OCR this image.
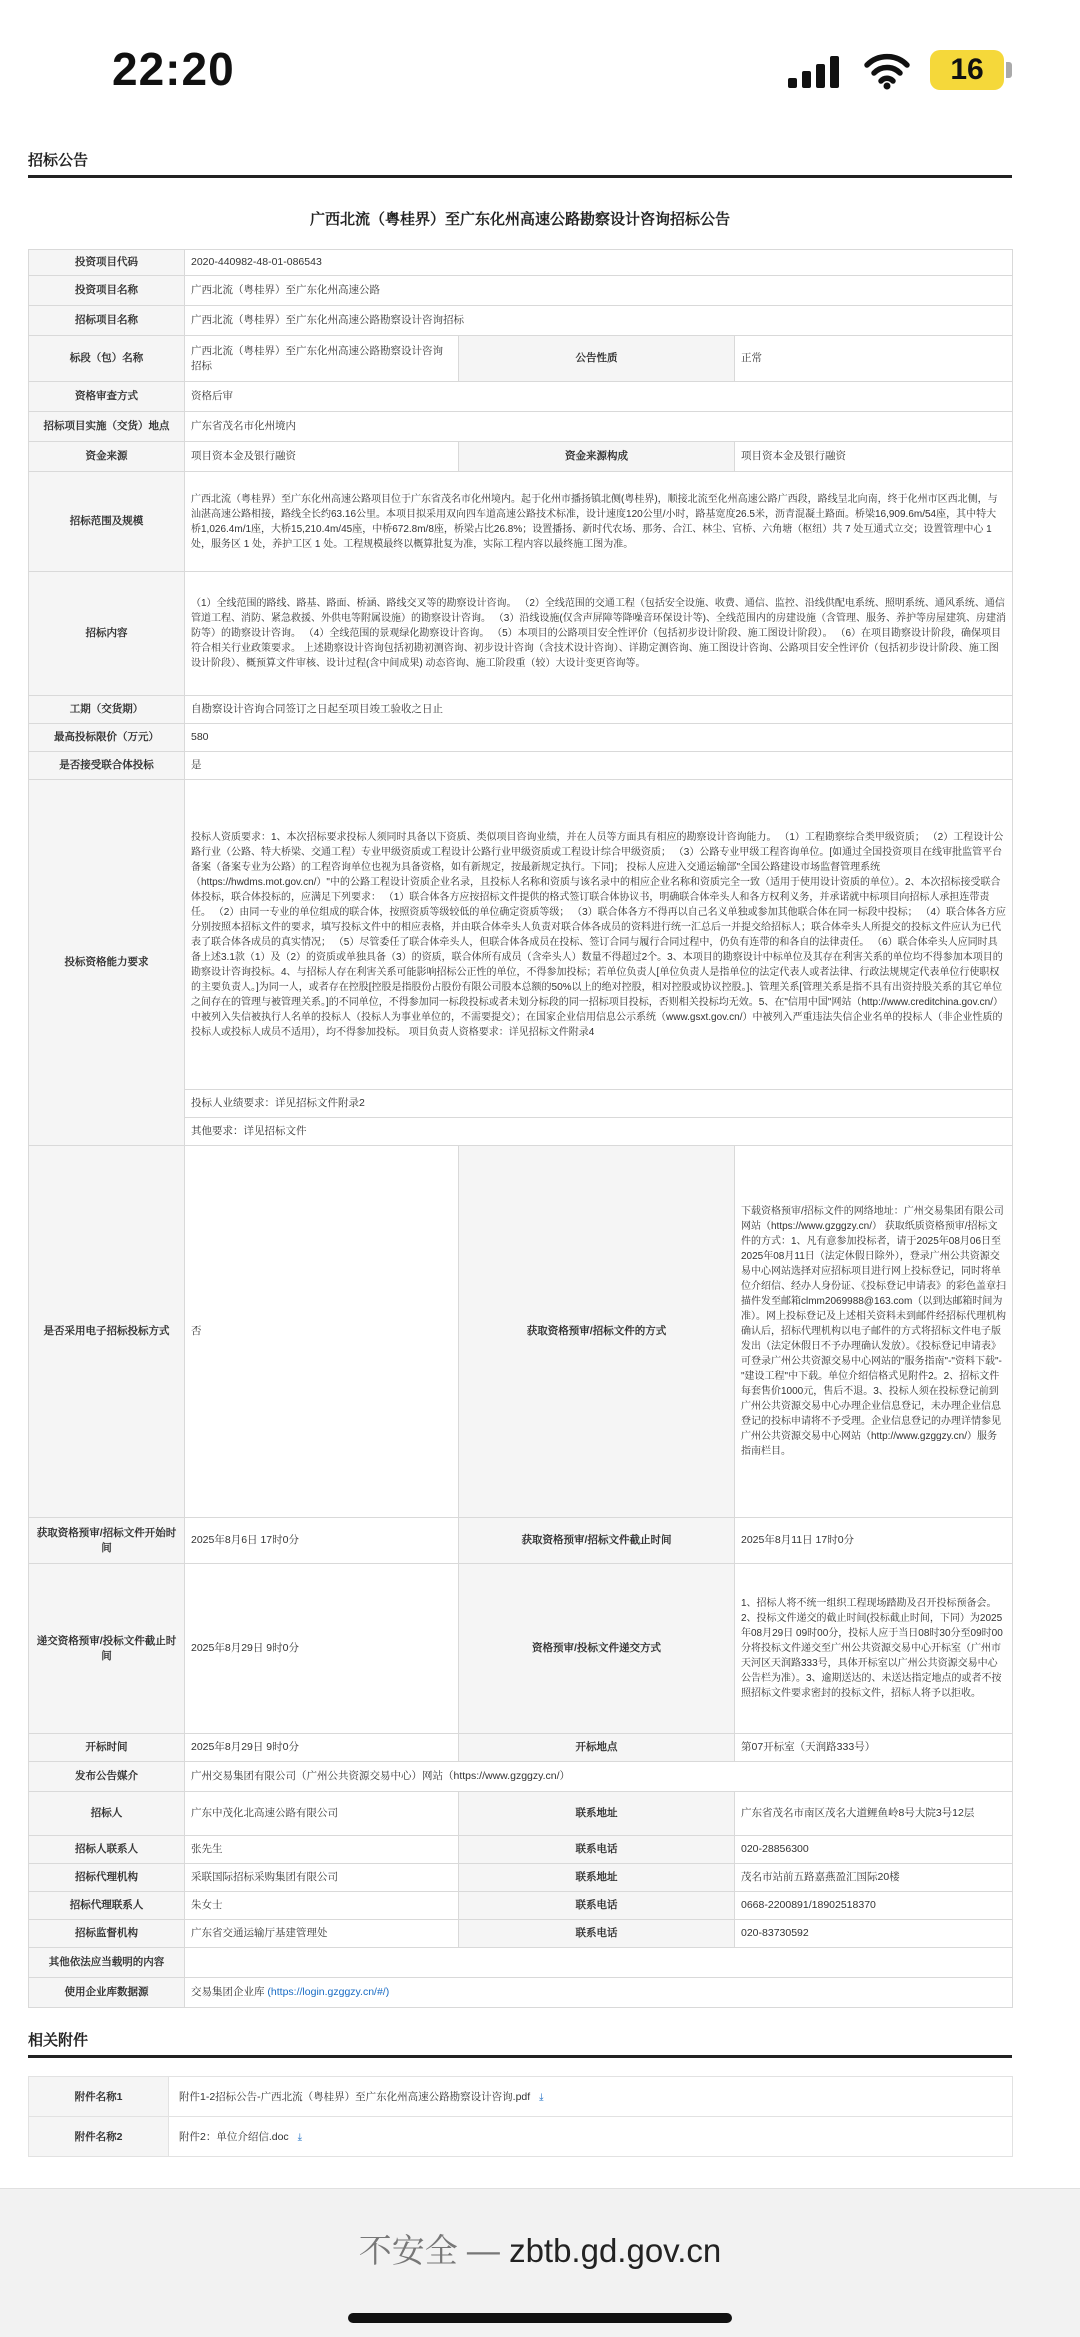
22:20	16
招标公告
广西北流（粤桂界）至广东化州高速公路勘察设计咨询招标公告
投资项目代码	2020-440982-48-01-086543		
投资项目名称	广西北流（粤桂界）至广东化州高速公路		
招标项目名称	广西北流（粤桂界）至广东化州高速公路勘察设计咨询招标		
标段（包）名称	广西北流（粤桂界）至广东化州高速公路勘察设计咨询招标	公告性质	正常
资格审查方式	资格后审		
招标项目实施（交货）地点	广东省茂名市化州境内		
资金来源	项目资本金及银行融资	资金来源构成	项目资本金及银行融资
招标范围及规模	广西北流（粤桂界）至广东化州高速公路项目位于广东省茂名市化州境内。起于化州市播扬镇北侧(粤桂界)，顺接北流至化州高速公路广西段，路线呈北向南，终于化州市区西北侧，与汕湛高速公路相接，路线全长约63.16公里。本项目拟采用双向四车道高速公路技术标准，设计速度120公里/小时，路基宽度26.5米，沥青混凝土路面。桥梁16,909.6m/54座，其中特大桥1,026.4m/1座，大桥15,210.4m/45座，中桥672.8m/8座，桥梁占比26.8%；设置播扬、新时代农场、那务、合江、林尘、官桥、六角塘（枢纽）共 7 处互通式立交；设置管理中心 1 处，服务区 1 处，养护工区 1 处。工程规模最终以概算批复为准，实际工程内容以最终施工图为准。		
招标内容	（1）全线范围的路线、路基、路面、桥涵、路线交叉等的勘察设计咨询。 （2）全线范围的交通工程（包括安全设施、收费、通信、监控、沿线供配电系统、照明系统、通风系统、通信管道工程、消防、紧急救援、外供电等附属设施）的勘察设计咨询。 （3）沿线设施(仅含声屏障等降噪音环保设计等)、全线范围内的房建设施（含管理、服务、养护等房屋建筑、房建消防等）的勘察设计咨询。 （4）全线范围的景观绿化勘察设计咨询。 （5）本项目的公路项目安全性评价（包括初步设计阶段、施工图设计阶段）。 （6）在项目勘察设计阶段，确保项目符合相关行业政策要求。 上述勘察设计咨询包括初勘初测咨询、初步设计咨询（含技术设计咨询）、详勘定测咨询、施工图设计咨询、公路项目安全性评价（包括初步设计阶段、施工图设计阶段）、概预算文件审核、设计过程(含中间成果) 动态咨询、施工阶段重（较）大设计变更咨询等。		
工期（交货期）	自勘察设计咨询合同签订之日起至项目竣工验收之日止		
最高投标限价（万元）	580		
是否接受联合体投标	是		
投标资格能力要求	投标人资质要求：1、本次招标要求投标人须同时具备以下资质、类似项目咨询业绩，并在人员等方面具有相应的勘察设计咨询能力。 （1）工程勘察综合类甲级资质； （2）工程设计公路行业（公路、特大桥梁、交通工程）专业甲级资质或工程设计公路行业甲级资质或工程设计综合甲级资质； （3）公路专业甲级工程咨询单位。[如通过全国投资项目在线审批监管平台备案（备案专业为公路）的工程咨询单位也视为具备资格，如有新规定，按最新规定执行。下同]； 投标人应进入交通运输部"全国公路建设市场监督管理系统（https://hwdms.mot.gov.cn/）"中的公路工程设计资质企业名录，且投标人名称和资质与该名录中的相应企业名称和资质完全一致（适用于使用设计资质的单位）。2、本次招标接受联合体投标，联合体投标的，应满足下列要求： （1）联合体各方应按招标文件提供的格式签订联合体协议书，明确联合体牵头人和各方权利义务，并承诺就中标项目向招标人承担连带责任。 （2）由同一专业的单位组成的联合体，按照资质等级较低的单位确定资质等级； （3）联合体各方不得再以自己名义单独或参加其他联合体在同一标段中投标； （4）联合体各方应分别按照本招标文件的要求，填写投标文件中的相应表格，并由联合体牵头人负责对联合体各成员的资料进行统一汇总后一并提交给招标人；联合体牵头人所提交的投标文件应认为已代表了联合体各成员的真实情况； （5）尽管委任了联合体牵头人，但联合体各成员在投标、签订合同与履行合同过程中，仍负有连带的和各自的法律责任。 （6）联合体牵头人应同时具备上述3.1款（1）及（2）的资质或单独具备（3）的资质，联合体所有成员（含牵头人）数量不得超过2个。3、本项目的勘察设计中标单位及其存在利害关系的单位均不得参加本项目的勘察设计咨询投标。4、与招标人存在利害关系可能影响招标公正性的单位，不得参加投标；若单位负责人[单位负责人是指单位的法定代表人或者法律、行政法规规定代表单位行使职权的主要负责人。]为同一人，或者存在控股[控股是指股份占股份有限公司股本总额的50%以上的绝对控股，相对控股或协议控股。]、管理关系[管理关系是指不具有出资持股关系的其它单位之间存在的管理与被管理关系。]的不同单位，不得参加同一标段投标或者未划分标段的同一招标项目投标，否则相关投标均无效。5、在"信用中国"网站（http://www.creditchina.gov.cn/）中被列入失信被执行人名单的投标人（投标人为事业单位的，不需要提交）；在国家企业信用信息公示系统（www.gsxt.gov.cn/）中被列入严重违法失信企业名单的投标人（非企业性质的投标人或投标人成员不适用），均不得参加投标。 项目负责人资格要求：详见招标文件附录4		
	投标人业绩要求：详见招标文件附录2		
	其他要求：详见招标文件		
是否采用电子招标投标方式	否	获取资格预审/招标文件的方式	下载资格预审/招标文件的网络地址：广州交易集团有限公司网站（https://www.gzggzy.cn/） 获取纸质资格预审/招标文件的方式：1、凡有意参加投标者，请于2025年08月06日至2025年08月11日（法定休假日除外），登录广州公共资源交易中心网站选择对应招标项目进行网上投标登记，同时将单位介绍信、经办人身份证、《投标登记申请表》的彩色盖章扫描件发至邮箱clmm2069988@163.com（以到达邮箱时间为准）。网上投标登记及上述相关资料未到邮件经招标代理机构确认后，招标代理机构以电子邮件的方式将招标文件电子版发出（法定休假日不予办理确认发放）。《投标登记申请表》可登录广州公共资源交易中心网站的"服务指南"-"资料下载"-"建设工程"中下载。单位介绍信格式见附件2。2、招标文件每套售价1000元，售后不退。3、投标人须在投标登记前到广州公共资源交易中心办理企业信息登记，未办理企业信息登记的投标申请将不予受理。企业信息登记的办理详情参见广州公共资源交易中心网站（http://www.gzggzy.cn/）服务指南栏目。
获取资格预审/招标文件开始时间	2025年8月6日 17时0分	获取资格预审/招标文件截止时间	2025年8月11日 17时0分
递交资格预审/投标文件截止时间	2025年8月29日 9时0分	资格预审/投标文件递交方式	1、招标人将不统一组织工程现场踏勘及召开投标预备会。2、投标文件递交的截止时间(投标截止时间，下同）为2025年08月29日 09时00分，投标人应于当日08时30分至09时00分将投标文件递交至广州公共资源交易中心开标室（广州市天河区天润路333号，具体开标室以广州公共资源交易中心公告栏为准）。3、逾期送达的、未送达指定地点的或者不按照招标文件要求密封的投标文件，招标人将予以拒收。
开标时间	2025年8月29日 9时0分	开标地点	第07开标室（天润路333号）
发布公告媒介	广州交易集团有限公司（广州公共资源交易中心）网站（https://www.gzggzy.cn/）		
招标人	广东中茂化北高速公路有限公司	联系地址	广东省茂名市南区茂名大道鲤鱼岭8号大院3号12层
招标人联系人	张先生	联系电话	020-28856300
招标代理机构	采联国际招标采购集团有限公司	联系地址	茂名市站前五路嘉燕盈汇国际20楼
招标代理联系人	朱女士	联系电话	0668-2200891/18902518370
招标监督机构	广东省交通运输厅基建管理处	联系电话	020-83730592
其他依法应当载明的内容			
使用企业库数据源	交易集团企业库 (https://login.gzggzy.cn/#/)		
相关附件
附件名称1	附件1-2招标公告-广西北流（粤桂界）至广东化州高速公路勘察设计咨询.pdf ⤓
附件名称2	附件2：单位介绍信.doc ⤓
不安全 — zbtb.gd.gov.cn
